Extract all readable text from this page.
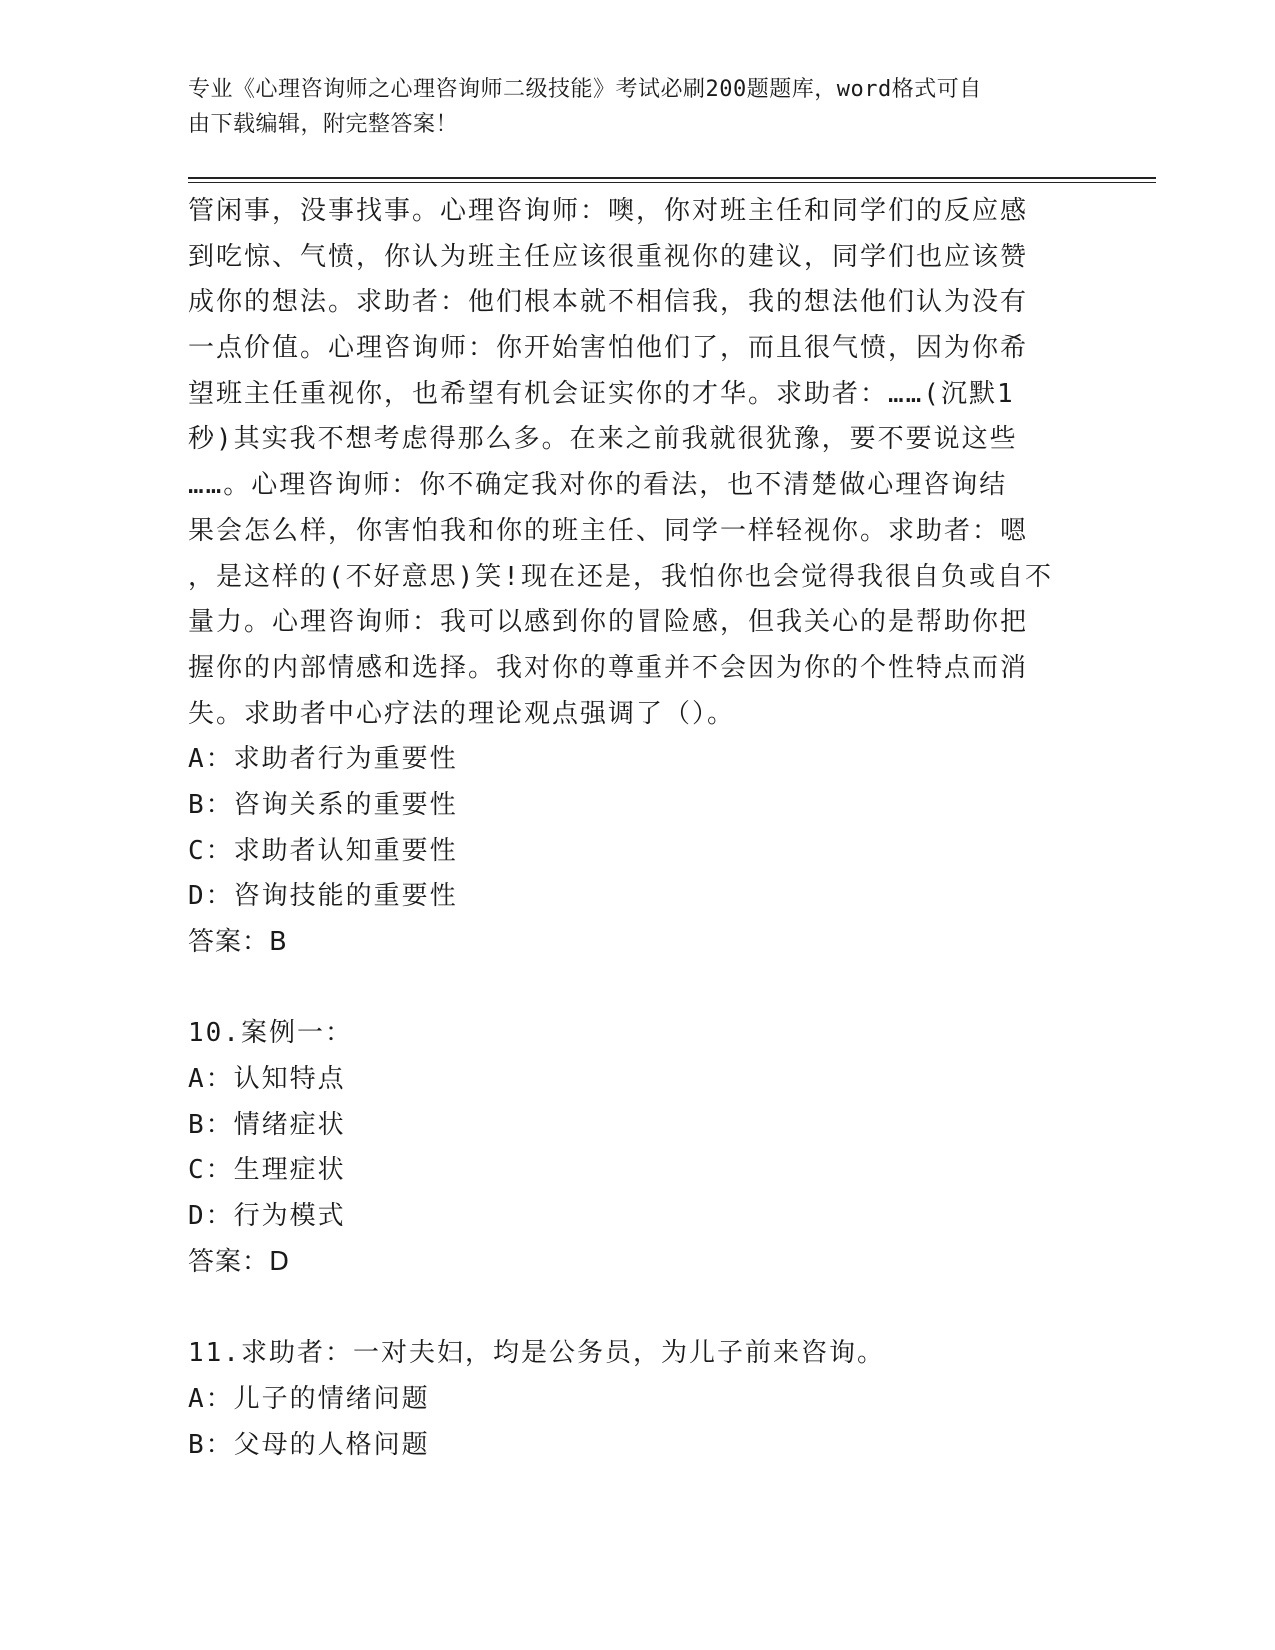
专业《心理咨询师之心理咨询师二级技能》考试必刷200题题库，word格式可自
由下载编辑，附完整答案！
管闲事，没事找事。心理咨询师：噢，你对班主任和同学们的反应感
到吃惊、气愤，你认为班主任应该很重视你的建议，同学们也应该赞
成你的想法。求助者：他们根本就不相信我，我的想法他们认为没有
一点价值。心理咨询师：你开始害怕他们了，而且很气愤，因为你希
望班主任重视你，也希望有机会证实你的才华。求助者：……(沉默1
秒)其实我不想考虑得那么多。在来之前我就很犹豫，要不要说这些
……。心理咨询师：你不确定我对你的看法，也不清楚做心理咨询结
果会怎么样，你害怕我和你的班主任、同学一样轻视你。求助者：嗯
，是这样的(不好意思)笑!现在还是，我怕你也会觉得我很自负或自不
量力。心理咨询师：我可以感到你的冒险感，但我关心的是帮助你把
握你的内部情感和选择。我对你的尊重并不会因为你的个性特点而消
失。求助者中心疗法的理论观点强调了（）。
A：求助者行为重要性
B：咨询关系的重要性
C：求助者认知重要性
D：咨询技能的重要性
答案：B
10.案例一：
A：认知特点
B：情绪症状
C：生理症状
D：行为模式
答案：D
11.求助者：一对夫妇，均是公务员，为儿子前来咨询。
A：儿子的情绪问题
B：父母的人格问题
